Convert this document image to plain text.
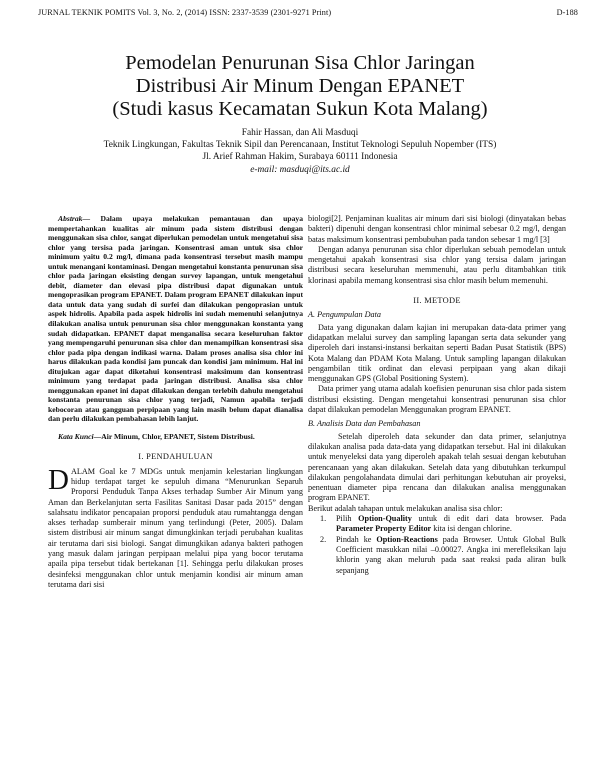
JURNAL TEKNIK POMITS Vol. 3, No. 2, (2014) ISSN: 2337-3539 (2301-9271 Print)	D-188
Pemodelan Penurunan Sisa Chlor Jaringan
Distribusi Air Minum Dengan EPANET
(Studi kasus Kecamatan Sukun Kota Malang)
Fahir Hassan, dan Ali Masduqi
Teknik Lingkungan, Fakultas Teknik Sipil dan Perencanaan, Institut Teknologi Sepuluh Nopember (ITS)
Jl. Arief Rahman Hakim, Surabaya 60111 Indonesia
e-mail: masduqi@its.ac.id

Abstrak— Dalam upaya melakukan pemantauan dan upaya mempertahankan kualitas air minum pada sistem distribusi dengan menggunakan sisa chlor, sangat diperlukan pemodelan untuk mengetahui sisa chlor yang tersisa pada jaringan. Konsentrasi aman untuk sisa chlor minimum yaitu 0.2 mg/l, dimana pada konsentrasi tersebut masih mampu untuk menangani kontaminasi. Dengan mengetahui konstanta penurunan sisa chlor pada jaringan eksisting dengan survey lapangan, untuk mengetahui debit, diameter dan elevasi pipa distribusi dapat digunakan untuk mengoprasikan program EPANET. Dalam program EPANET dilakukan input data untuk data yang sudah di surfei dan dilakukan pengoprasian untuk aspek hidrolis. Apabila pada aspek hidrolis ini sudah memenuhi selanjutnya dilakukan analisa untuk penurunan sisa chlor menggunakan konstanta yang sudah didapatkan. EPANET dapat menganalisa secara keseluruhan faktor yang mempengaruhi penurunan sisa chlor dan menampilkan konsentrasi sisa chlor pada pipa dengan indikasi warna. Dalam proses analisa sisa chlor ini harus dilakukan pada kondisi jam puncak dan kondisi jam minimum. Hal ini ditujukan agar dapat diketahui konsentrasi maksimum dan konsentrasi minimum yang terdapat pada jaringan distribusi. Analisa sisa chlor menggunakan epanet ini dapat dilakukan dengan terlebih dahulu mengetahui konstanta penurunan sisa chlor yang terjadi, Namun apabila terjadi kebocoran atau gangguan perpipaan yang lain masih belum dapat dianalisa dan perlu dilakukan pembahasan lebih lanjut.

Kata Kunci—Air Minum, Chlor, EPANET, Sistem Distribusi.

I. PENDAHULUAN

DALAM Goal ke 7 MDGs untuk menjamin kelestarian lingkungan hidup terdapat target ke sepuluh dimana “Menurunkan Separuh Proporsi Penduduk Tanpa Akses terhadap Sumber Air Minum yang Aman dan Berkelanjutan serta Fasilitas Sanitasi Dasar pada 2015” dengan salahsatu indikator pencapaian proporsi penduduk atau rumahtangga dengan akses terhadap sumberair minum yang terlindungi (Peter, 2005). Dalam sistem distribusi air minum sangat dimungkinkan terjadi perubahan kualitas air terutama dari sisi biologi. Sangat dimungkikan adanya bakteri pathogen yang masuk dalam jaringan perpipaan melalui pipa yang bocor terutama apaila pipa tersebut tidak bertekanan [1]. Sehingga perlu dilakukan proses desinfeksi menggunakan chlor untuk menjamin kondisi air minum aman terutama dari sisi

biologi[2]. Penjaminan kualitas air minum dari sisi biologi (dinyatakan bebas bakteri) dipenuhi dengan konsentrasi chlor minimal sebesar 0.2 mg/l, dengan batas maksimum konsentrasi pembubuhan pada tandon sebesar 1 mg/l [3]

Dengan adanya penurunan sisa chlor diperlukan sebuah pemodelan untuk mengetahui apakah konsentrasi sisa chlor yang tersisa dalam jaringan distribusi secara keseluruhan memmenuhi, atau perlu ditambahkan titik klorinasi apabila memang konsentrasi sisa chlor masih belum memenuhi.

II. METODE
A. Pengumpulan Data

Data yang digunakan dalam kajian ini merupakan data-data primer yang didapatkan melalui survey dan sampling lapangan serta data sekunder yang diperoleh dari instansi-instansi berkaitan seperti Badan Pusat Statistik (BPS) Kota Malang dan PDAM Kota Malang. Untuk sampling lapangan dilakukan pengambilan titik ordinat dan elevasi perpipaan yang akan dikaji menggunakan GPS (Global Positioning System).

Data primer yang utama adalah koefisien penurunan sisa chlor pada sistem distribusi eksisting. Dengan mengetahui konsentrasi penurunan sisa chlor dapat dilakukan pemodelan Menggunakan program EPANET.

B. Analisis Data dan Pembahasan

Setelah diperoleh data sekunder dan data primer, selanjutnya dilakukan analisa pada data-data yang didapatkan tersebut. Hal ini dilakukan untuk menyeleksi data yang diperoleh apakah telah sesuai dengan kebutuhan perencanaan yang akan dilakukan. Setelah data yang dibutuhkan terkumpul dilakukan pengolahandata dimulai dari perhitungan kebutuhan air proyeksi, penentuan diameter pipa rencana dan dilakukan analisa menggunakan program EPANET.

Berikut adalah tahapan untuk melakukan analisa sisa chlor:

1. Pilih Option-Quality untuk di edit dari data browser. Pada Parameter Property Editor kita isi dengan chlorine.
2. Pindah ke Option-Reactions pada Browser. Untuk Global Bulk Coefficient masukkan nilai –0.00027. Angka ini merefleksikan laju khlorin yang akan meluruh pada saat reaksi pada aliran bulk sepanjang
